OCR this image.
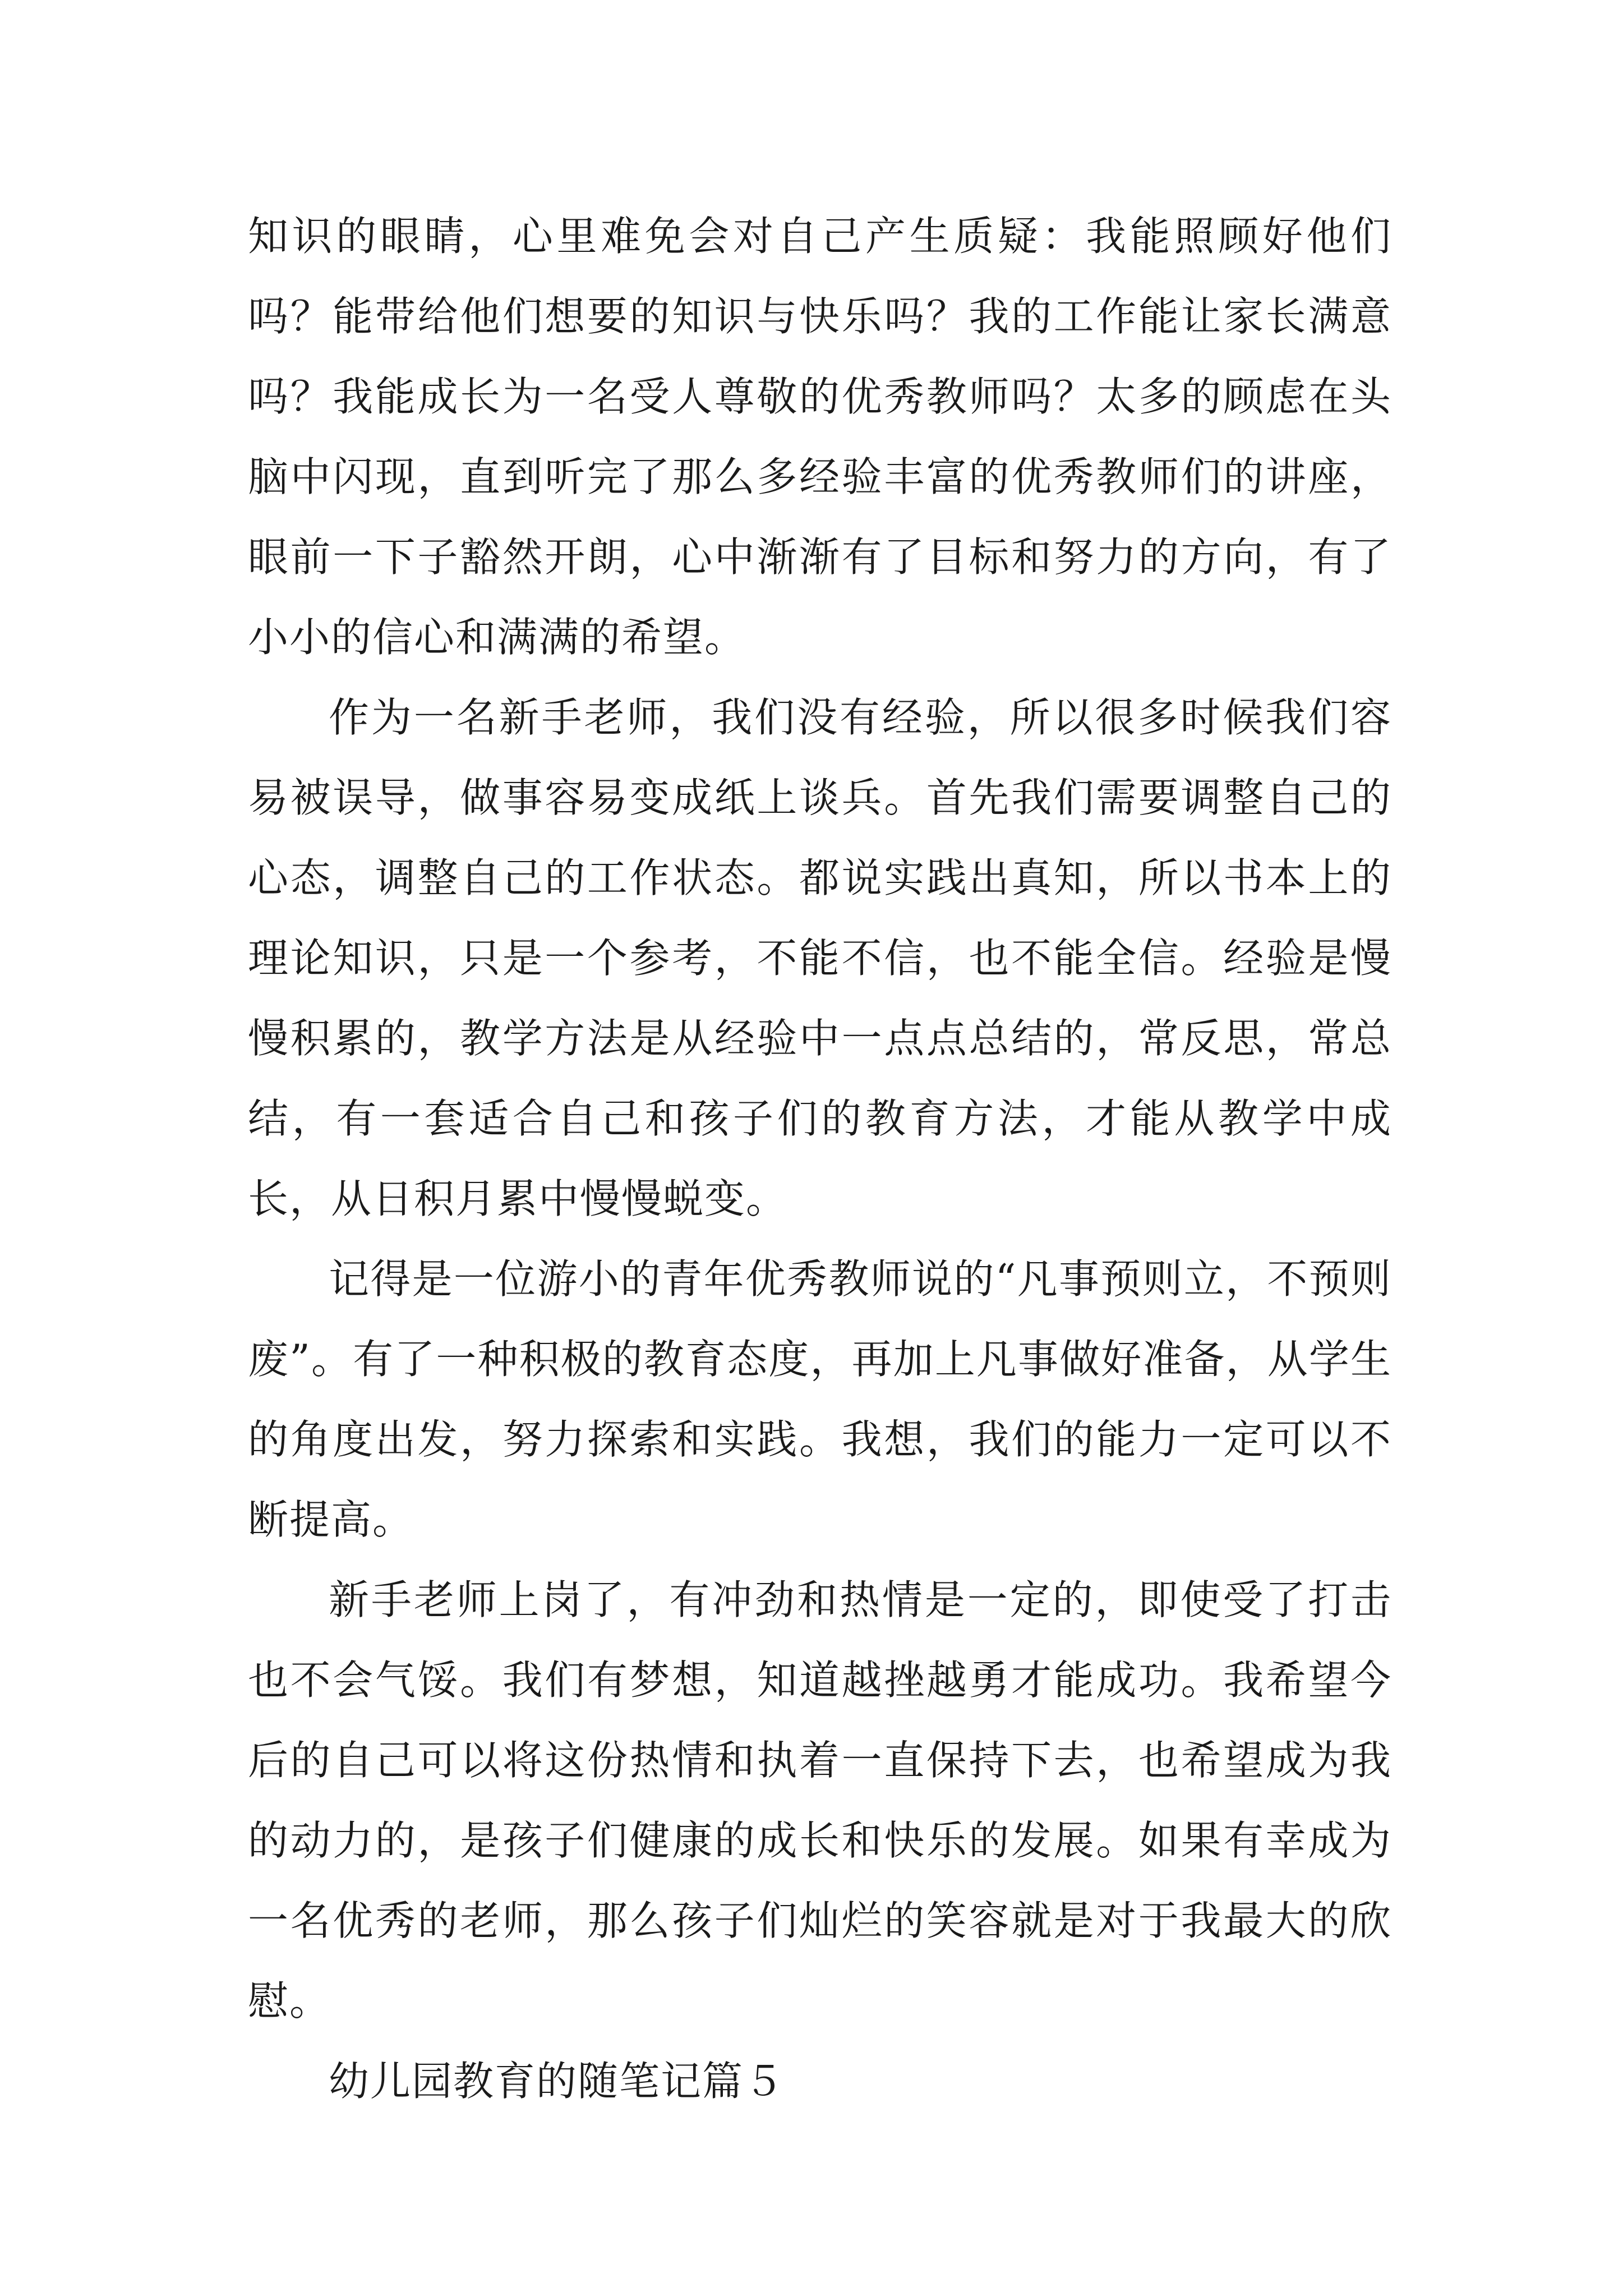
知识的眼睛，心里难免会对自己产生质疑：我能照顾好他们吗？能带给他们想要的知识与快乐吗？我的工作能让家长满意吗？我能成长为一名受人尊敬的优秀教师吗？太多的顾虑在头脑中闪现，直到听完了那么多经验丰富的优秀教师们的讲座，眼前一下子豁然开朗，心中渐渐有了目标和努力的方向，有了小小的信心和满满的希望。

作为一名新手老师，我们没有经验，所以很多时候我们容易被误导，做事容易变成纸上谈兵。首先我们需要调整自己的心态，调整自己的工作状态。都说实践出真知，所以书本上的理论知识，只是一个参考，不能不信，也不能全信。经验是慢慢积累的，教学方法是从经验中一点点总结的，常反思，常总结，有一套适合自己和孩子们的教育方法，才能从教学中成长，从日积月累中慢慢蜕变。

记得是一位游小的青年优秀教师说的“凡事预则立，不预则废”。有了一种积极的教育态度，再加上凡事做好准备，从学生的角度出发，努力探索和实践。我想，我们的能力一定可以不断提高。

新手老师上岗了，有冲劲和热情是一定的，即使受了打击也不会气馁。我们有梦想，知道越挫越勇才能成功。我希望今后的自己可以将这份热情和执着一直保持下去，也希望成为我的动力的，是孩子们健康的成长和快乐的发展。如果有幸成为一名优秀的老师，那么孩子们灿烂的笑容就是对于我最大的欣慰。

幼儿园教育的随笔记篇５
